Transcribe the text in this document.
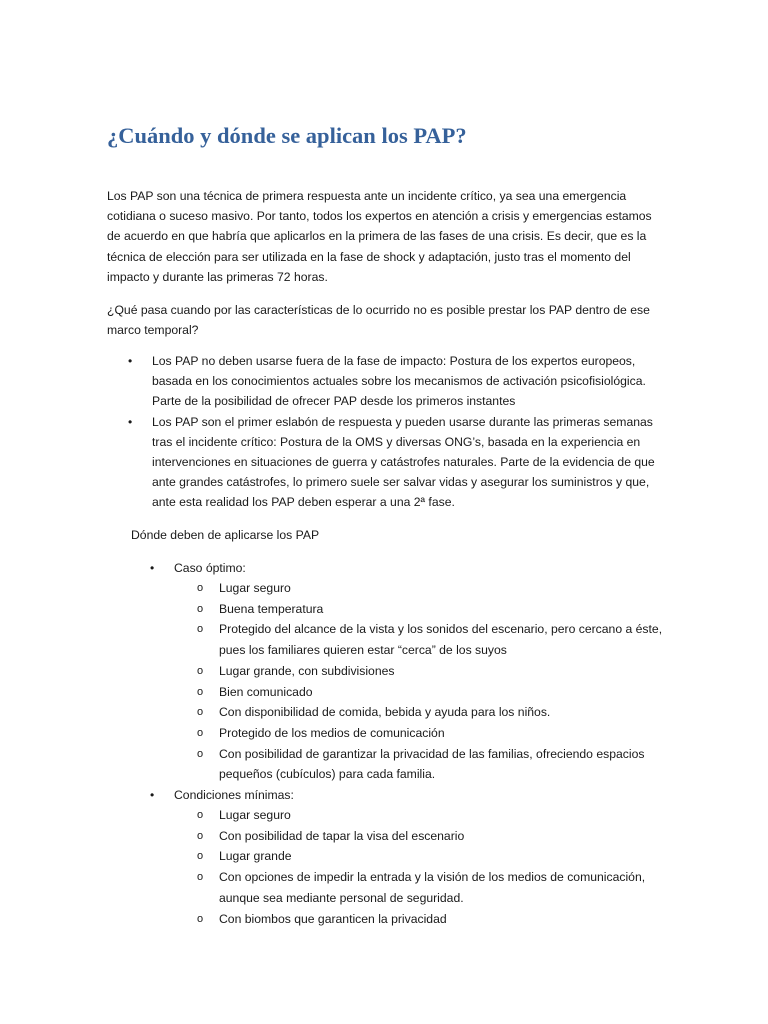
¿Cuándo y dónde se aplican los PAP?

Los PAP son una técnica de primera respuesta ante un incidente crítico, ya sea una emergencia cotidiana o suceso masivo. Por tanto, todos los expertos en atención a crisis y emergencias estamos de acuerdo en que habría que aplicarlos en la primera de las fases de una crisis. Es decir, que es la técnica de elección para ser utilizada en la fase de shock y adaptación, justo tras el momento del impacto y durante las primeras 72 horas.

¿Qué pasa cuando por las características de lo ocurrido no es posible prestar los PAP dentro de ese marco temporal?

• Los PAP no deben usarse fuera de la fase de impacto: Postura de los expertos europeos, basada en los conocimientos actuales sobre los mecanismos de activación psicofisiológica. Parte de la posibilidad de ofrecer PAP desde los primeros instantes
• Los PAP son el primer eslabón de respuesta y pueden usarse durante las primeras semanas tras el incidente crítico: Postura de la OMS y diversas ONG’s, basada en la experiencia en intervenciones en situaciones de guerra y catástrofes naturales. Parte de la evidencia de que ante grandes catástrofes, lo primero suele ser salvar vidas y asegurar los suministros y que, ante esta realidad los PAP deben esperar a una 2ª fase.

Dónde deben de aplicarse los PAP

• Caso óptimo:
o Lugar seguro
o Buena temperatura
o Protegido del alcance de la vista y los sonidos del escenario, pero cercano a éste, pues los familiares quieren estar “cerca” de los suyos
o Lugar grande, con subdivisiones
o Bien comunicado
o Con disponibilidad de comida, bebida y ayuda para los niños.
o Protegido de los medios de comunicación
o Con posibilidad de garantizar la privacidad de las familias, ofreciendo espacios pequeños (cubículos) para cada familia.
• Condiciones mínimas:
o Lugar seguro
o Con posibilidad de tapar la visa del escenario
o Lugar grande
o Con opciones de impedir la entrada y la visión de los medios de comunicación, aunque sea mediante personal de seguridad.
o Con biombos que garanticen la privacidad
